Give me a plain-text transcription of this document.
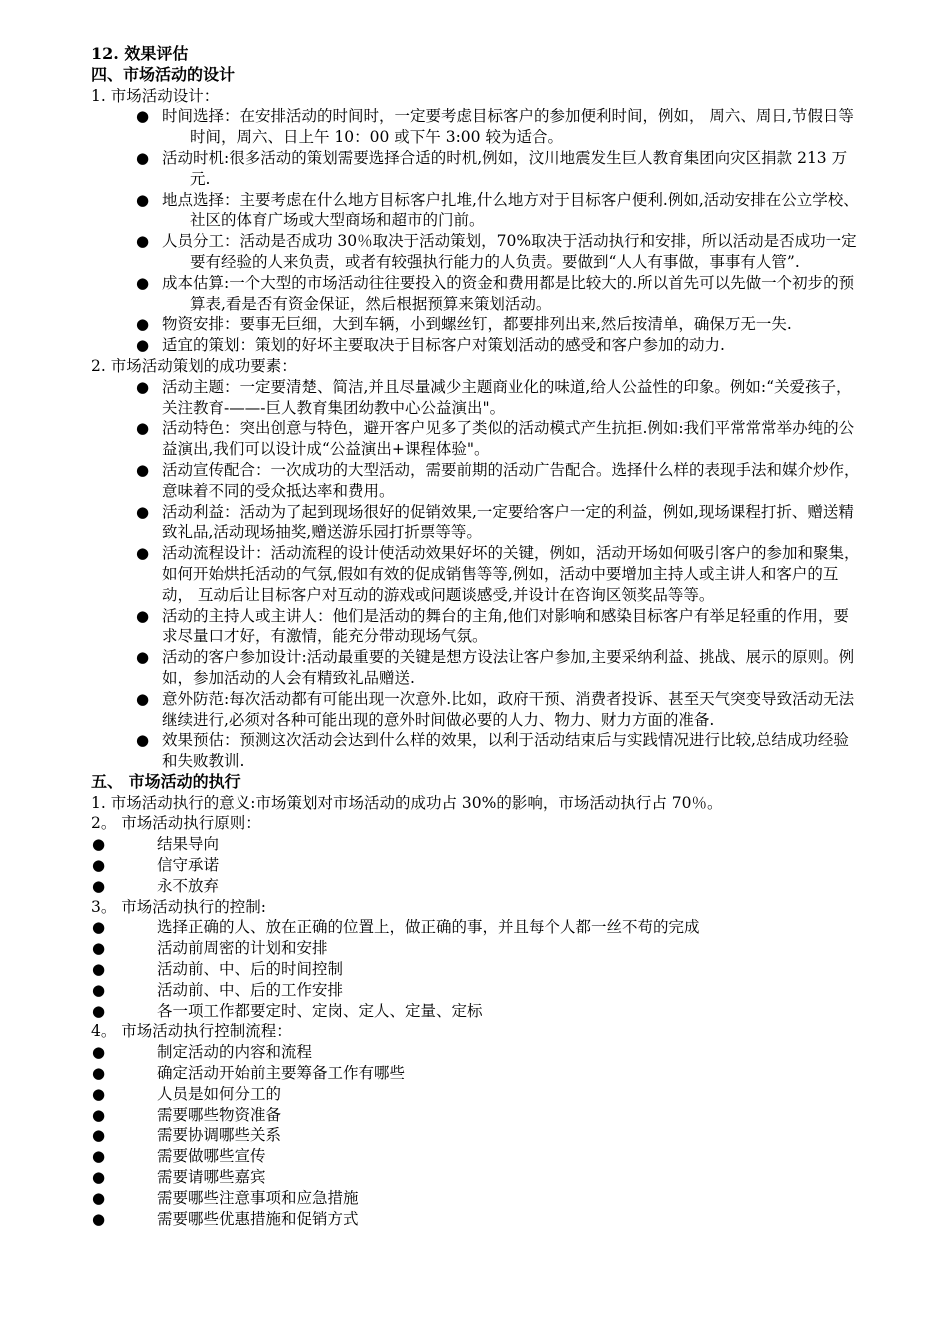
12. 效果评估
四、市场活动的设计
1. 市场活动设计：
● 时间选择：在安排活动的时间时，一定要考虑目标客户的参加便利时间，例如， 周六、周日,节假日等时间，周六、日上午 10：00 或下午 3:00 较为适合。
● 活动时机:很多活动的策划需要选择合适的时机,例如，汶川地震发生巨人教育集团向灾区捐款 213 万元.
● 地点选择：主要考虑在什么地方目标客户扎堆,什么地方对于目标客户便利.例如,活动安排在公立学校、社区的体育广场或大型商场和超市的门前。
● 人员分工：活动是否成功 30％取决于活动策划，70%取决于活动执行和安排，所以活动是否成功一定要有经验的人来负责，或者有较强执行能力的人负责。要做到“人人有事做，事事有人管”.
● 成本估算:一个大型的市场活动往往要投入的资金和费用都是比较大的.所以首先可以先做一个初步的预算表,看是否有资金保证，然后根据预算来策划活动。
● 物资安排：要事无巨细，大到车辆，小到螺丝钉，都要排列出来,然后按清单，确保万无一失.
● 适宜的策划：策划的好坏主要取决于目标客户对策划活动的感受和客户参加的动力.
2. 市场活动策划的成功要素：
● 活动主题：一定要清楚、简洁,并且尽量减少主题商业化的味道,给人公益性的印象。例如:“关爱孩子，关注教育-——-巨人教育集团幼教中心公益演出"。
● 活动特色：突出创意与特色，避开客户见多了类似的活动模式产生抗拒.例如:我们平常常常举办纯的公益演出,我们可以设计成“公益演出+课程体验"。
● 活动宣传配合：一次成功的大型活动，需要前期的活动广告配合。选择什么样的表现手法和媒介炒作，意味着不同的受众抵达率和费用。
● 活动利益：活动为了起到现场很好的促销效果,一定要给客户一定的利益，例如,现场课程打折、赠送精致礼品,活动现场抽奖,赠送游乐园打折票等等。
● 活动流程设计：活动流程的设计使活动效果好坏的关键，例如，活动开场如何吸引客户的参加和聚集，如何开始烘托活动的气氛,假如有效的促成销售等等,例如，活动中要增加主持人或主讲人和客户的互动， 互动后让目标客户对互动的游戏或问题谈感受,并设计在咨询区领奖品等等。
● 活动的主持人或主讲人：他们是活动的舞台的主角,他们对影响和感染目标客户有举足轻重的作用，要求尽量口才好，有激情，能充分带动现场气氛。
● 活动的客户参加设计:活动最重要的关键是想方设法让客户参加,主要采纳利益、挑战、展示的原则。例如，参加活动的人会有精致礼品赠送.
● 意外防范:每次活动都有可能出现一次意外.比如，政府干预、消费者投诉、甚至天气突变导致活动无法继续进行,必须对各种可能出现的意外时间做必要的人力、物力、财力方面的准备.
● 效果预估：预测这次活动会达到什么样的效果，以利于活动结束后与实践情况进行比较,总结成功经验和失败教训.
五、 市场活动的执行
1. 市场活动执行的意义:市场策划对市场活动的成功占 30%的影响，市场活动执行占 70％。
2。 市场活动执行原则：
●	结果导向
●	信守承诺
●	永不放弃
3。 市场活动执行的控制:
●	选择正确的人、放在正确的位置上，做正确的事，并且每个人都一丝不苟的完成
●	活动前周密的计划和安排
●	活动前、中、后的时间控制
●	活动前、中、后的工作安排
●	各一项工作都要定时、定岗、定人、定量、定标
4。 市场活动执行控制流程：
●	制定活动的内容和流程
●	确定活动开始前主要筹备工作有哪些
●	人员是如何分工的
●	需要哪些物资准备
●	需要协调哪些关系
●	需要做哪些宣传
●	需要请哪些嘉宾
●	需要哪些注意事项和应急措施
●	需要哪些优惠措施和促销方式
